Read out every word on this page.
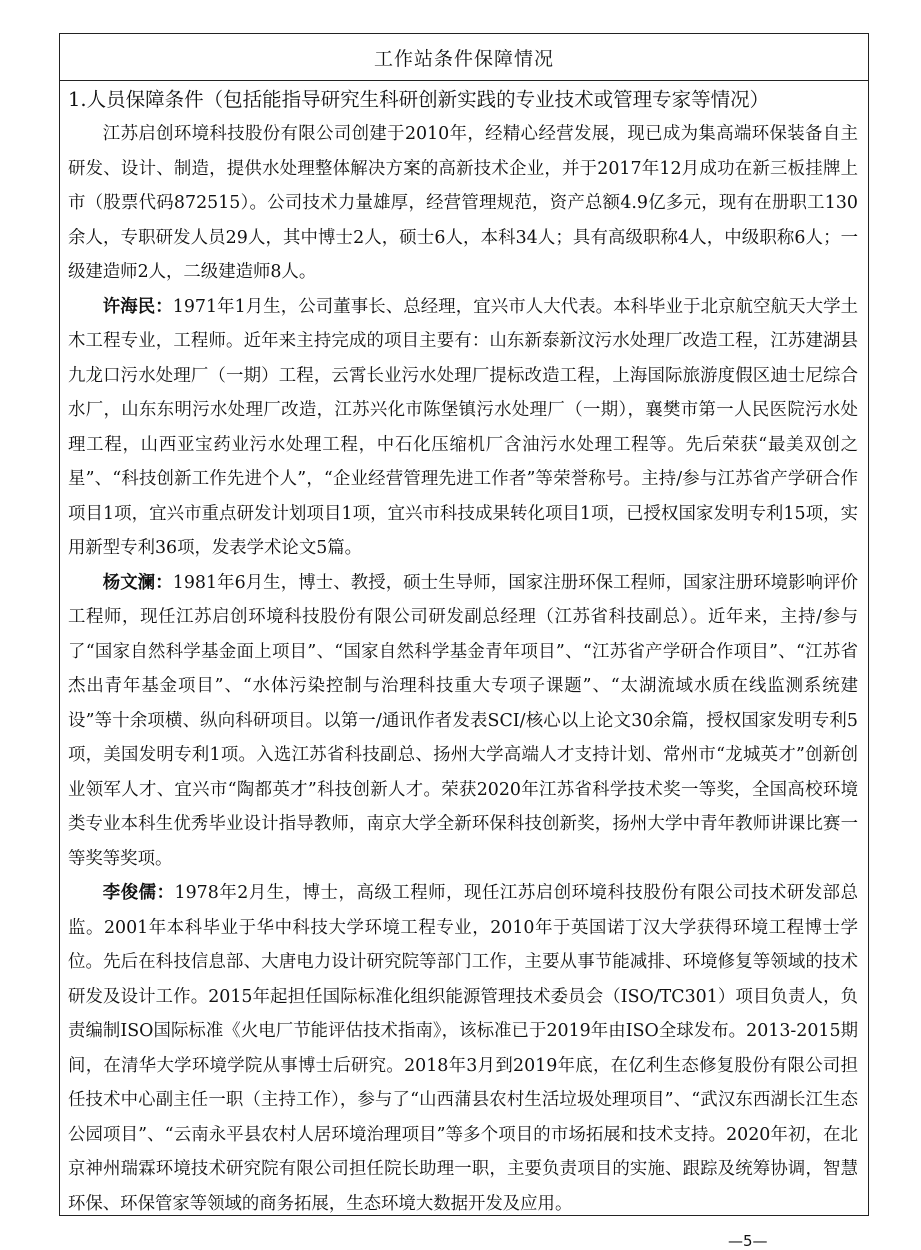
工作站条件保障情况
1.人员保障条件（包括能指导研究生科研创新实践的专业技术或管理专家等情况）

江苏启创环境科技股份有限公司创建于2010年，经精心经营发展，现已成为集高端环保装备自主研发、设计、制造，提供水处理整体解决方案的高新技术企业，并于2017年12月成功在新三板挂牌上市（股票代码872515）。公司技术力量雄厚，经营管理规范，资产总额4.9亿多元，现有在册职工130余人，专职研发人员29人，其中博士2人，硕士6人，本科34人；具有高级职称4人，中级职称6人；一级建造师2人，二级建造师8人。

许海民：1971年1月生，公司董事长、总经理，宜兴市人大代表。本科毕业于北京航空航天大学土木工程专业，工程师。近年来主持完成的项目主要有：山东新泰新汶污水处理厂改造工程，江苏建湖县九龙口污水处理厂（一期）工程，云霄长业污水处理厂提标改造工程，上海国际旅游度假区迪士尼综合水厂，山东东明污水处理厂改造，江苏兴化市陈堡镇污水处理厂（一期），襄樊市第一人民医院污水处理工程，山西亚宝药业污水处理工程，中石化压缩机厂含油污水处理工程等。先后荣获“最美双创之星”、“科技创新工作先进个人”，“企业经营管理先进工作者”等荣誉称号。主持/参与江苏省产学研合作项目1项，宜兴市重点研发计划项目1项，宜兴市科技成果转化项目1项，已授权国家发明专利15项，实用新型专利36项，发表学术论文5篇。

杨文澜：1981年6月生，博士、教授，硕士生导师，国家注册环保工程师，国家注册环境影响评价工程师，现任江苏启创环境科技股份有限公司研发副总经理（江苏省科技副总）。近年来，主持/参与了“国家自然科学基金面上项目”、“国家自然科学基金青年项目”、“江苏省产学研合作项目”、“江苏省杰出青年基金项目”、“水体污染控制与治理科技重大专项子课题”、“太湖流域水质在线监测系统建设”等十余项横、纵向科研项目。以第一/通讯作者发表SCI/核心以上论文30余篇，授权国家发明专利5项，美国发明专利1项。入选江苏省科技副总、扬州大学高端人才支持计划、常州市“龙城英才”创新创业领军人才、宜兴市“陶都英才”科技创新人才。荣获2020年江苏省科学技术奖一等奖，全国高校环境类专业本科生优秀毕业设计指导教师，南京大学全新环保科技创新奖，扬州大学中青年教师讲课比赛一等奖等奖项。

李俊儒：1978年2月生，博士，高级工程师，现任江苏启创环境科技股份有限公司技术研发部总监。2001年本科毕业于华中科技大学环境工程专业，2010年于英国诺丁汉大学获得环境工程博士学位。先后在科技信息部、大唐电力设计研究院等部门工作，主要从事节能减排、环境修复等领域的技术研发及设计工作。2015年起担任国际标准化组织能源管理技术委员会（ISO/TC301）项目负责人，负责编制ISO国际标准《火电厂节能评估技术指南》，该标准已于2019年由ISO全球发布。2013-2015期间，在清华大学环境学院从事博士后研究。2018年3月到2019年底，在亿利生态修复股份有限公司担任技术中心副主任一职（主持工作），参与了“山西蒲县农村生活垃圾处理项目”、“武汉东西湖长江生态公园项目”、“云南永平县农村人居环境治理项目”等多个项目的市场拓展和技术支持。2020年初，在北京神州瑞霖环境技术研究院有限公司担任院长助理一职，主要负责项目的实施、跟踪及统筹协调，智慧环保、环保管家等领域的商务拓展，生态环境大数据开发及应用。

—5—
